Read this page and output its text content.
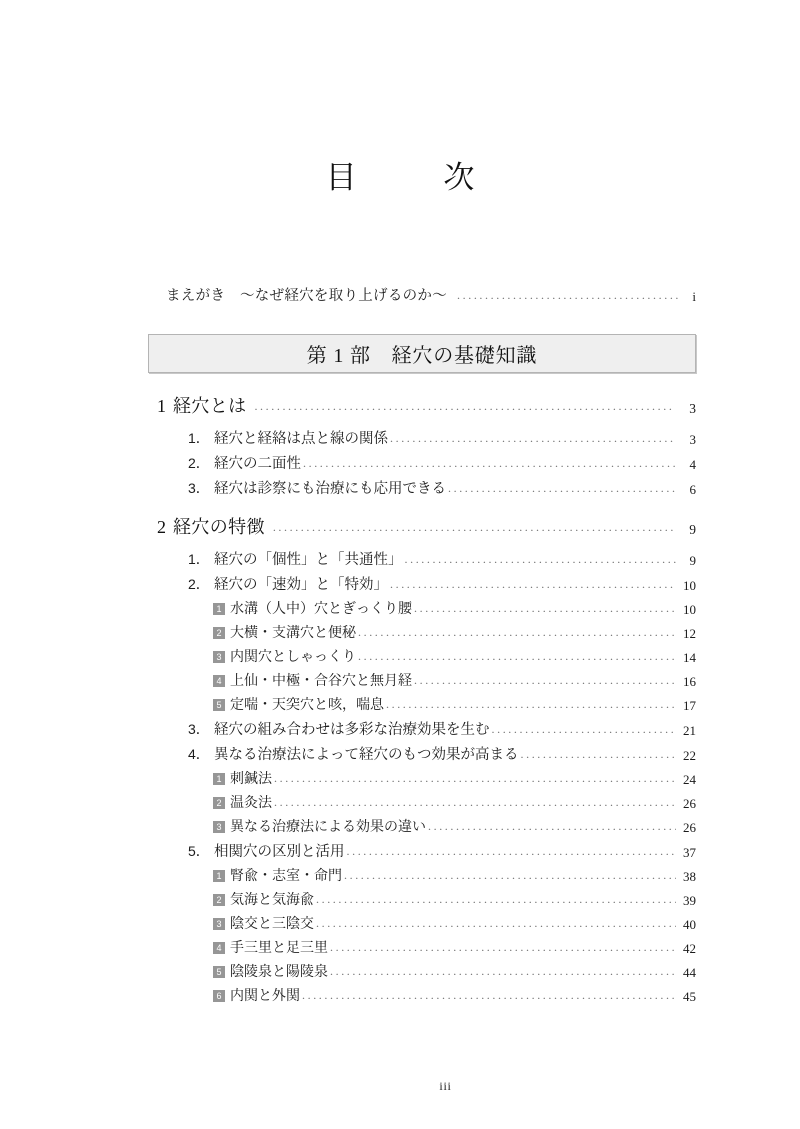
目　次
まえがき　〜なぜ経穴を取り上げるのか〜 .....	i
第 1 部　経穴の基礎知識
1 経穴とは .....	3
1． 経穴と経絡は点と線の関係 .....	3
2． 経穴の二面性 .....	4
3． 経穴は診察にも治療にも応用できる .....	6
2 経穴の特徴 .....	9
1． 経穴の「個性」と「共通性」 .....	9
2． 経穴の「速効」と「特効」 .....	10
1 水溝（人中）穴とぎっくり腰 .....	10
2 大横・支溝穴と便秘 .....	12
3 内関穴としゃっくり .....	14
4 上仙・中極・合谷穴と無月経 .....	16
5 定喘・天突穴と咳，喘息 .....	17
3． 経穴の組み合わせは多彩な治療効果を生む .....	21
4． 異なる治療法によって経穴のもつ効果が高まる .....	22
1 刺鍼法 .....	24
2 温灸法 .....	26
3 異なる治療法による効果の違い .....	26
5． 相関穴の区別と活用 .....	37
1 腎兪・志室・命門 .....	38
2 気海と気海兪 .....	39
3 陰交と三陰交 .....	40
4 手三里と足三里 .....	42
5 陰陵泉と陽陵泉 .....	44
6 内関と外関 .....	45
iii
